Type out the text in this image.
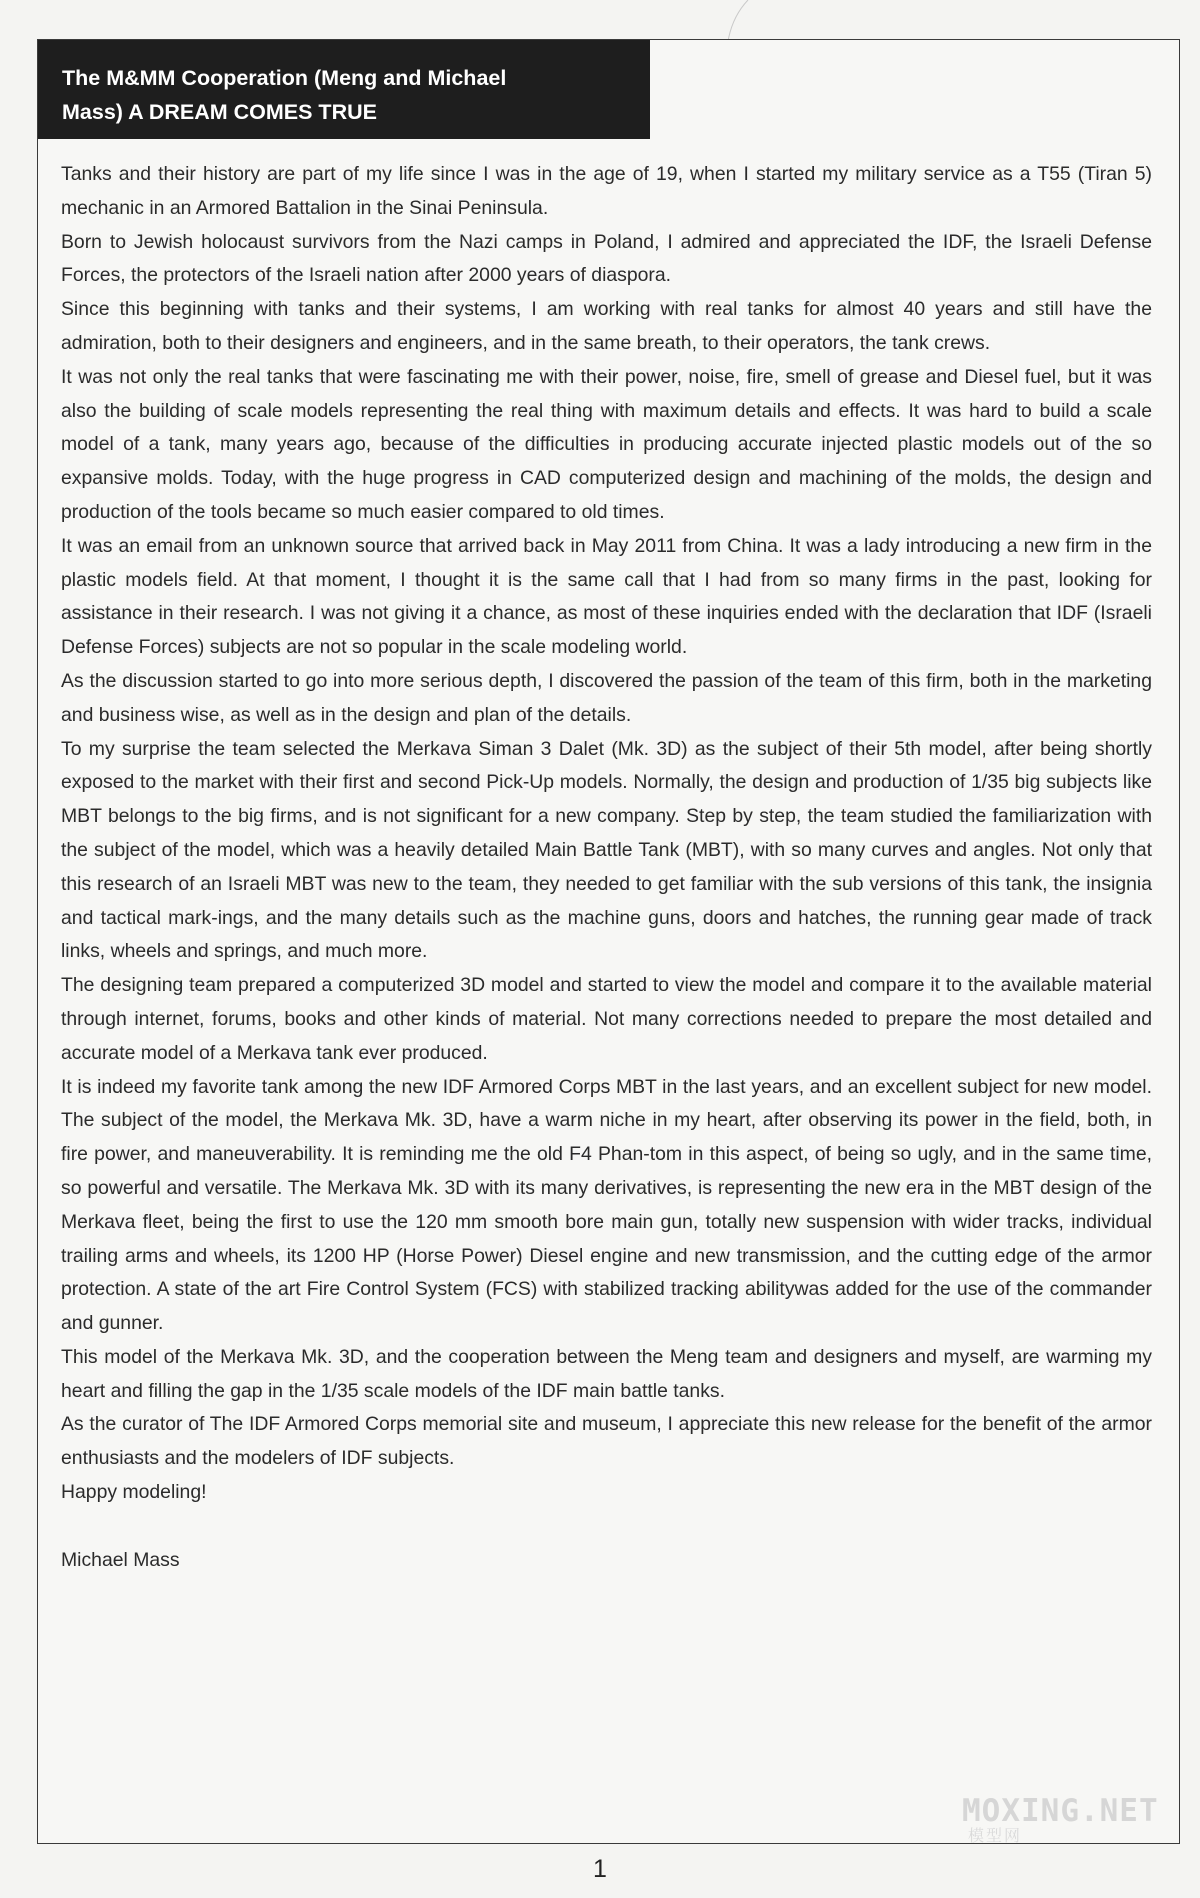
The M&MM Cooperation (Meng and Michael
Mass) A DREAM COMES TRUE

Tanks and their history are part of my life since I was in the age of 19, when I started my military service as a T55 (Tiran 5) mechanic in an Armored Battalion in the Sinai Peninsula.

Born to Jewish holocaust survivors from the Nazi camps in Poland, I admired and appreciated the IDF, the Israeli Defense Forces, the protectors of the Israeli nation after 2000 years of diaspora.

Since this beginning with tanks and their systems, I am working with real tanks for almost 40 years and still have the admiration, both to their designers and engineers, and in the same breath, to their operators, the tank crews.

It was not only the real tanks that were fascinating me with their power, noise, fire, smell of grease and Diesel fuel, but it was also the building of scale models representing the real thing with maximum details and effects. It was hard to build a scale model of a tank, many years ago, because of the difficulties in producing accurate injected plastic models out of the so expansive molds. Today, with the huge progress in CAD computerized design and machining of the molds, the design and production of the tools became so much easier compared to old times.

It was an email from an unknown source that arrived back in May 2011 from China. It was a lady introducing a new firm in the plastic models field. At that moment, I thought it is the same call that I had from so many firms in the past, looking for assistance in their research. I was not giving it a chance, as most of these inquiries ended with the declaration that IDF (Israeli Defense Forces) subjects are not so popular in the scale modeling world.

As the discussion started to go into more serious depth, I discovered the passion of the team of this firm, both in the marketing and business wise, as well as in the design and plan of the details.

To my surprise the team selected the Merkava Siman 3 Dalet (Mk. 3D) as the subject of their 5th model, after being shortly exposed to the market with their first and second Pick-Up models. Normally, the design and production of 1/35 big subjects like MBT belongs to the big firms, and is not significant for a new company. Step by step, the team studied the familiarization with the subject of the model, which was a heavily detailed Main Battle Tank (MBT), with so many curves and angles. Not only that this research of an Israeli MBT was new to the team, they needed to get familiar with the sub versions of this tank, the insignia and tactical mark-ings, and the many details such as the machine guns, doors and hatches, the running gear made of track links, wheels and springs, and much more.

The designing team prepared a computerized 3D model and started to view the model and compare it to the available material through internet, forums, books and other kinds of material. Not many corrections needed to prepare the most detailed and accurate model of a Merkava tank ever produced.

It is indeed my favorite tank among the new IDF Armored Corps MBT in the last years, and an excellent subject for new model. The subject of the model, the Merkava Mk. 3D, have a warm niche in my heart, after observing its power in the field, both, in fire power, and maneuverability. It is reminding me the old F4 Phan-tom in this aspect, of being so ugly, and in the same time, so powerful and versatile. The Merkava Mk. 3D with its many derivatives, is representing the new era in the MBT design of the Merkava fleet, being the first to use the 120 mm smooth bore main gun, totally new suspension with wider tracks, individual trailing arms and wheels, its 1200 HP (Horse Power) Diesel engine and new transmission, and the cutting edge of the armor protection. A state of the art Fire Control System (FCS) with stabilized tracking abilitywas added for the use of the commander and gunner.

This model of the Merkava Mk. 3D, and the cooperation between the Meng team and designers and myself, are warming my heart and filling the gap in the 1/35 scale models of the IDF main battle tanks.

As the curator of The IDF Armored Corps memorial site and museum, I appreciate this new release for the benefit of the armor enthusiasts and the modelers of IDF subjects.

Happy modeling!

Michael Mass

MOXING.NET
模型网
1
